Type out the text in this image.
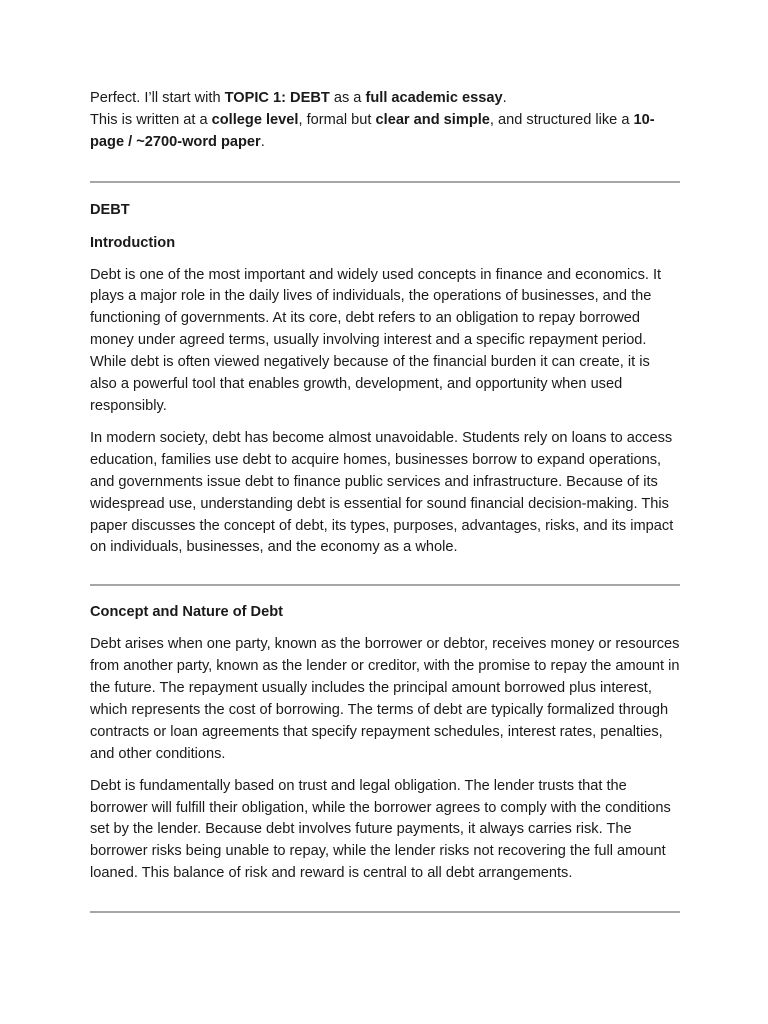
Perfect. I’ll start with TOPIC 1: DEBT as a full academic essay.

This is written at a college level, formal but clear and simple, and structured like a 10-page / ~2700-word paper.

DEBT
Introduction

Debt is one of the most important and widely used concepts in finance and economics. It plays a major role in the daily lives of individuals, the operations of businesses, and the functioning of governments. At its core, debt refers to an obligation to repay borrowed money under agreed terms, usually involving interest and a specific repayment period. While debt is often viewed negatively because of the financial burden it can create, it is also a powerful tool that enables growth, development, and opportunity when used responsibly.

In modern society, debt has become almost unavoidable. Students rely on loans to access education, families use debt to acquire homes, businesses borrow to expand operations, and governments issue debt to finance public services and infrastructure. Because of its widespread use, understanding debt is essential for sound financial decision-making. This paper discusses the concept of debt, its types, purposes, advantages, risks, and its impact on individuals, businesses, and the economy as a whole.

Concept and Nature of Debt

Debt arises when one party, known as the borrower or debtor, receives money or resources from another party, known as the lender or creditor, with the promise to repay the amount in the future. The repayment usually includes the principal amount borrowed plus interest, which represents the cost of borrowing. The terms of debt are typically formalized through contracts or loan agreements that specify repayment schedules, interest rates, penalties, and other conditions.

Debt is fundamentally based on trust and legal obligation. The lender trusts that the borrower will fulfill their obligation, while the borrower agrees to comply with the conditions set by the lender. Because debt involves future payments, it always carries risk. The borrower risks being unable to repay, while the lender risks not recovering the full amount loaned. This balance of risk and reward is central to all debt arrangements.
